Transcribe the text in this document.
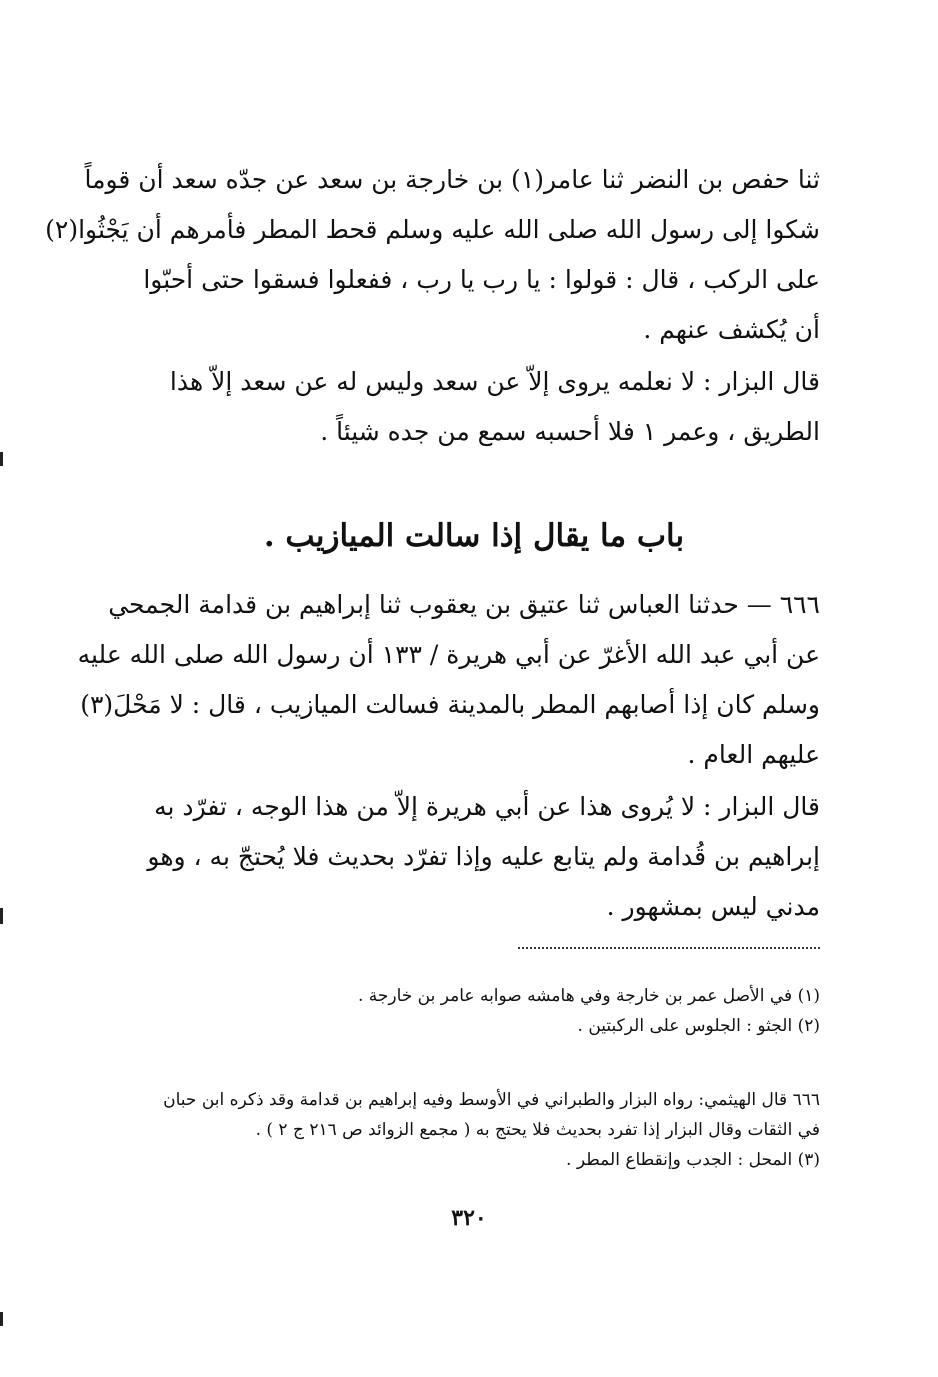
ثنا حفص بن النضر ثنا عامر(١) بن خارجة بن سعد عن جدّه سعد أن قوماً
شكوا إلى رسول الله صلى الله عليه وسلم قحط المطر فأمرهم أن يَجْثُوا(٢)
على الركب ، قال : قولوا : يا رب يا رب ، ففعلوا فسقوا حتى أحبّوا
أن يُكشف عنهم .
قال البزار : لا نعلمه يروى إلاّ عن سعد وليس له عن سعد إلاّ هذا
الطريق ، وعمر ١ فلا أحسبه سمع من جده شيئاً .
باب ما يقال إذا سالت الميازيب .
٦٦٦ — حدثنا العباس ثنا عتيق بن يعقوب ثنا إبراهيم بن قدامة الجمحي
عن أبي عبد الله الأغرّ عن أبي هريرة / ١٣٣ أن رسول الله صلى الله عليه
وسلم كان إذا أصابهم المطر بالمدينة فسالت الميازيب ، قال : لا مَحْلَ(٣)
عليهم العام .
قال البزار : لا يُروى هذا عن أبي هريرة إلاّ من هذا الوجه ، تفرّد به
إبراهيم بن قُدامة ولم يتابع عليه وإذا تفرّد بحديث فلا يُحتجّ به ، وهو
مدني ليس بمشهور .
(١) في الأصل عمر بن خارجة وفي هامشه صوابه عامر بن خارجة .
(٢) الجثو : الجلوس على الركبتين .
٦٦٦ قال الهيثمي: رواه البزار والطبراني في الأوسط وفيه إبراهيم بن قدامة وقد ذكره ابن حبان
في الثقات وقال البزار إذا تفرد بحديث فلا يحتج به ( مجمع الزوائد ص ٢١٦ ج ٢ ) .
(٣) المحل : الجدب وإنقطاع المطر .
٣٢٠
